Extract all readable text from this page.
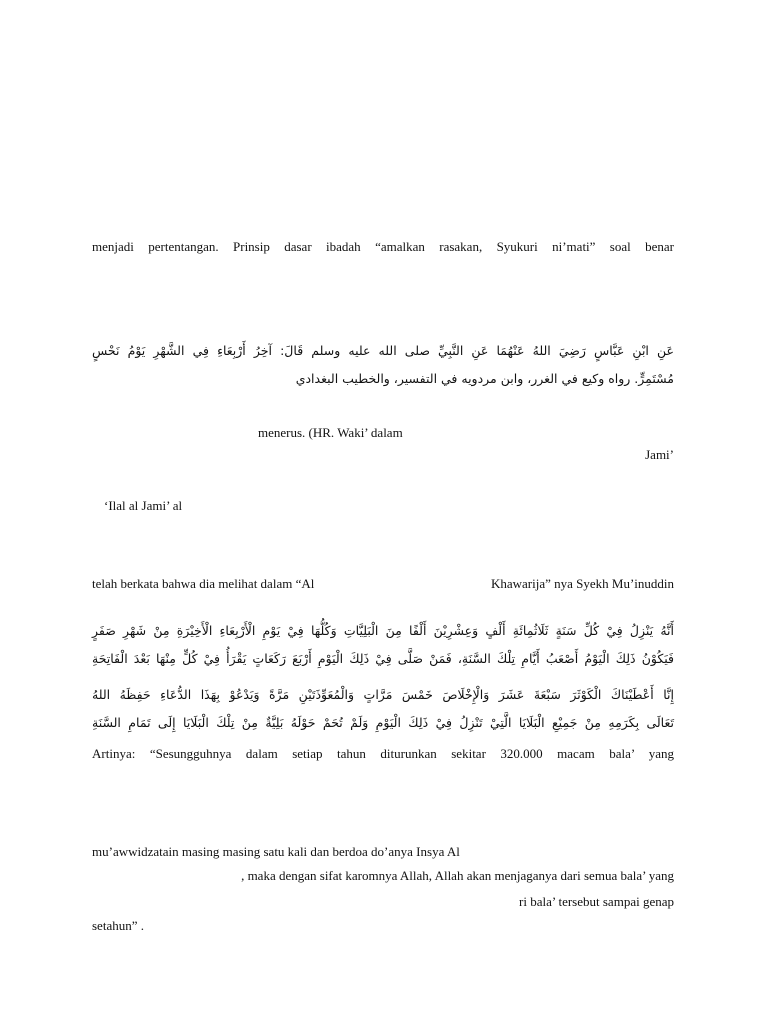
menjadi pertentangan. Prinsip dasar ibadah “amalkan rasakan, Syukuri ni’mati” soal benar
عَنِ ابْنِ عَبَّاسٍ رَضِيَ اللهُ عَنْهُمَا عَنِ النَّبِيِّ صلى الله عليه وسلم قَالَ: آخِرُ أَرْبِعَاءِ فِي الشَّهْرِ يَوْمُ نَحْسٍ
مُسْتَمِرٍّ. رواه وكيع في الغرر، وابن مردويه في التفسير، والخطيب البغدادي
menerus. (HR. Waki’ dalam
Jami’
‘Ilal al Jami’ al
telah berkata bahwa dia melihat dalam “Al	Khawarija” nya Syekh Mu’inuddin
أَنَّهُ يَنْزِلُ فِيْ كُلِّ سَنَةٍ ثَلَاثُمِائَةِ أَلْفٍ وَعِشْرِيْنَ أَلْفًا مِنَ الْبَلِيَّاتِ وَكُلُّهَا فِيْ يَوْمِ الْأَرْبِعَاءِ الْأَخِيْرَةِ مِنْ شَهْرِ صَفَرٍ
فَيَكُوْنُ ذَلِكَ الْيَوْمُ أَصْعَبُ أَيَّامِ تِلْكَ السَّنَةِ، فَمَنْ صَلَّى فِيْ ذَلِكَ الْيَوْمِ أَرْبَعَ رَكَعَاتٍ يَقْرَأُ فِيْ كُلٍّ مِنْهَا بَعْدَ الْفَاتِحَةِ
إِنَّا أَعْطَيْنَاكَ الْكَوْثَرَ سَبْعَةَ عَشَرَ وَالْإِخْلَاصَ خَمْسَ مَرَّاتٍ وَالْمُعَوِّذَتَيْنِ مَرَّةً وَيَدْعُوْ بِهَذَا الدُّعَاءِ حَفِظَهُ اللهُ
تَعَالَى بِكَرَمِهِ مِنْ جَمِيْعِ الْبَلَايَا الَّتِيْ تَنْزِلُ فِيْ ذَلِكَ الْيَوْمِ وَلَمْ تُحَمْ حَوْلَهُ بَلِيَّةٌ مِنْ تِلْكَ الْبَلَايَا إِلَى تَمَامِ السَّنَةِ
Artinya: “Sesungguhnya dalam setiap tahun diturunkan sekitar 320.000 macam bala’ yang
mu’awwidzatain masing masing satu kali dan berdoa do’anya Insya Al
, maka dengan sifat karomnya Allah, Allah akan menjaganya dari semua bala’ yang
ri bala’ tersebut sampai genap
setahun” .
